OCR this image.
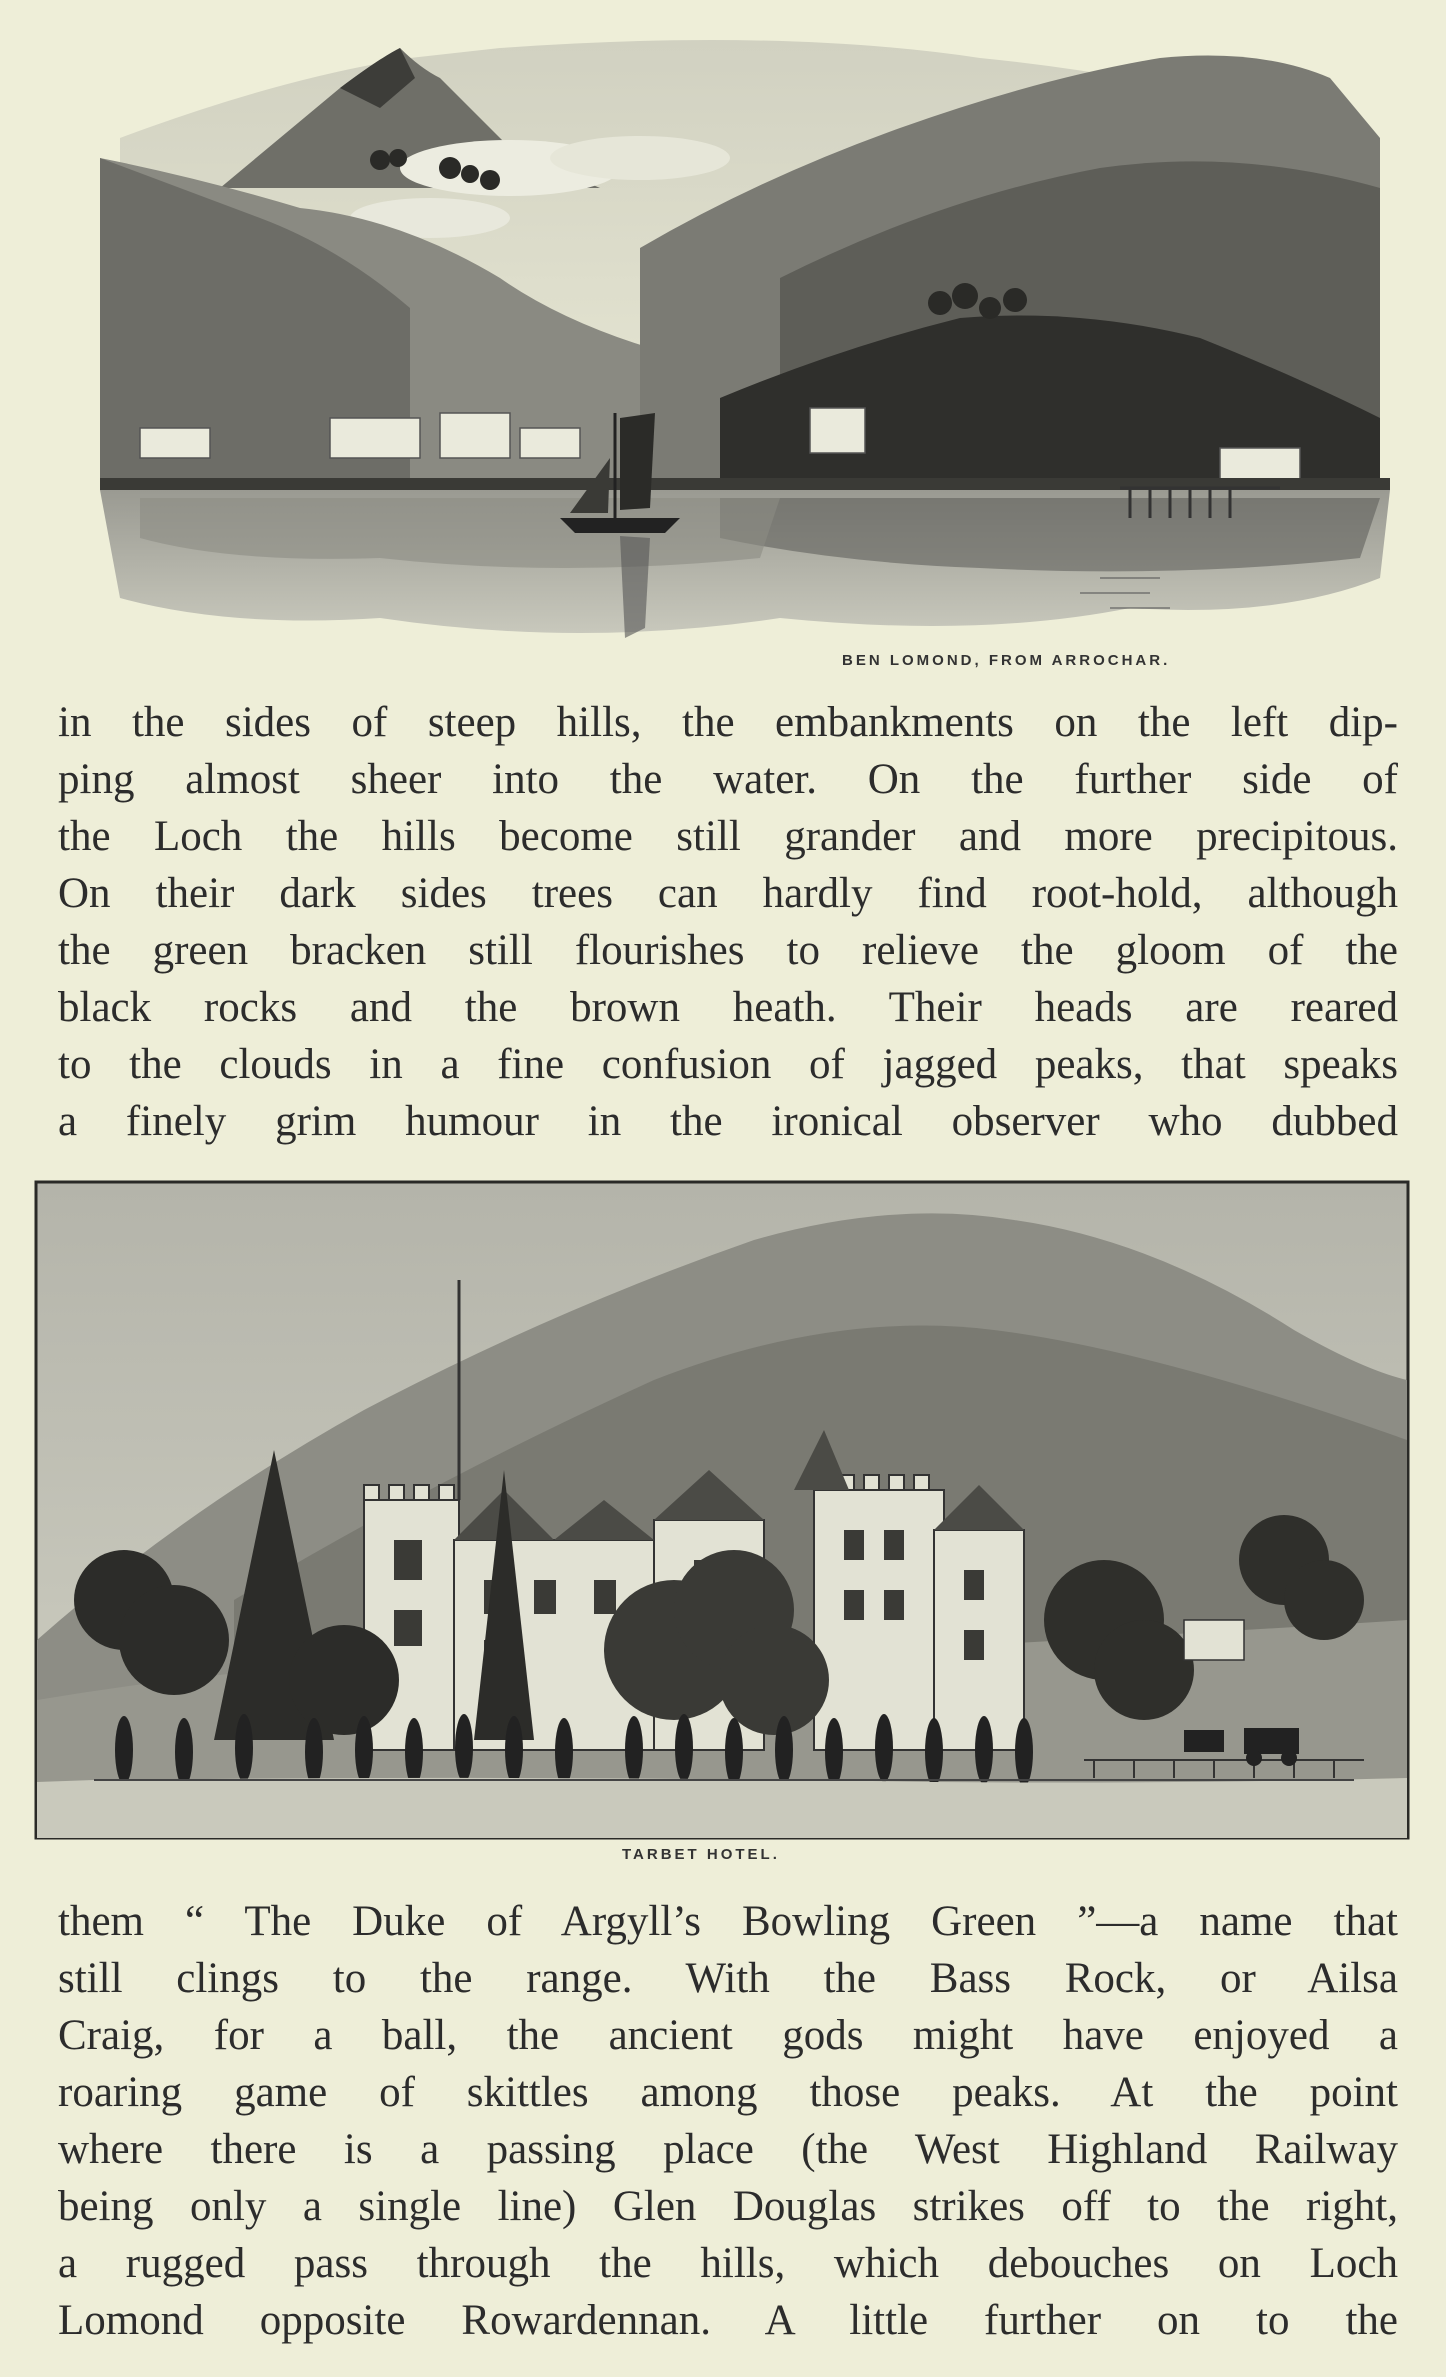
BEN LOMOND, FROM ARROCHAR.
in the sides of steep hills, the embankments on the left dip-
ping almost sheer into the water. On the further side of
the Loch the hills become still grander and more precipitous.
On their dark sides trees can hardly find root-hold, although
the green bracken still flourishes to relieve the gloom of the
black rocks and the brown heath. Their heads are reared
to the clouds in a fine confusion of jagged peaks, that speaks
a finely grim humour in the ironical observer who dubbed
TARBET HOTEL.
them “ The Duke of Argyll’s Bowling Green ”—a name that
still clings to the range. With the Bass Rock, or Ailsa
Craig, for a ball, the ancient gods might have enjoyed a
roaring game of skittles among those peaks. At the point
where there is a passing place (the West Highland Railway
being only a single line) Glen Douglas strikes off to the right,
a rugged pass through the hills, which debouches on Loch
Lomond opposite Rowardennan. A little further on to the
